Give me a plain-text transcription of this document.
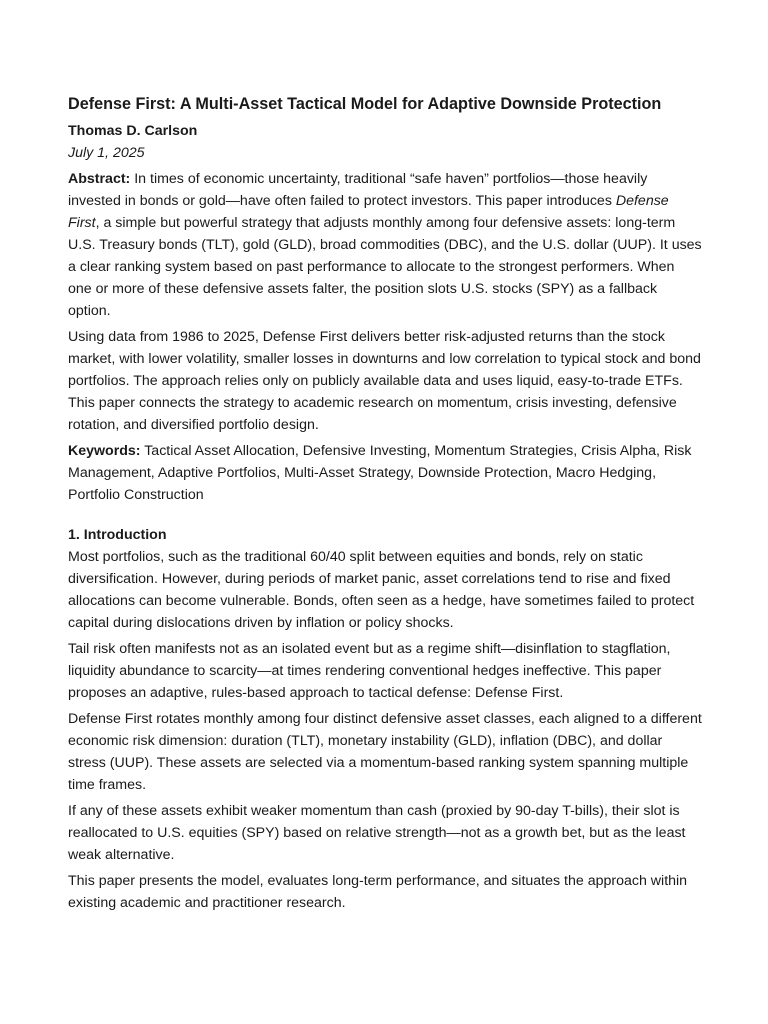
Defense First: A Multi-Asset Tactical Model for Adaptive Downside Protection
Thomas D. Carlson
July 1, 2025

Abstract: In times of economic uncertainty, traditional “safe haven” portfolios—those heavily invested in bonds or gold—have often failed to protect investors. This paper introduces Defense First, a simple but powerful strategy that adjusts monthly among four defensive assets: long-term U.S. Treasury bonds (TLT), gold (GLD), broad commodities (DBC), and the U.S. dollar (UUP). It uses a clear ranking system based on past performance to allocate to the strongest performers. When one or more of these defensive assets falter, the position slots U.S. stocks (SPY) as a fallback option.

Using data from 1986 to 2025, Defense First delivers better risk-adjusted returns than the stock market, with lower volatility, smaller losses in downturns and low correlation to typical stock and bond portfolios. The approach relies only on publicly available data and uses liquid, easy-to-trade ETFs. This paper connects the strategy to academic research on momentum, crisis investing, defensive rotation, and diversified portfolio design.

Keywords: Tactical Asset Allocation, Defensive Investing, Momentum Strategies, Crisis Alpha, Risk Management, Adaptive Portfolios, Multi-Asset Strategy, Downside Protection, Macro Hedging, Portfolio Construction

1. Introduction

Most portfolios, such as the traditional 60/40 split between equities and bonds, rely on static diversification. However, during periods of market panic, asset correlations tend to rise and fixed allocations can become vulnerable. Bonds, often seen as a hedge, have sometimes failed to protect capital during dislocations driven by inflation or policy shocks.

Tail risk often manifests not as an isolated event but as a regime shift—disinflation to stagflation, liquidity abundance to scarcity—at times rendering conventional hedges ineffective. This paper proposes an adaptive, rules-based approach to tactical defense: Defense First.

Defense First rotates monthly among four distinct defensive asset classes, each aligned to a different economic risk dimension: duration (TLT), monetary instability (GLD), inflation (DBC), and dollar stress (UUP). These assets are selected via a momentum-based ranking system spanning multiple time frames.

If any of these assets exhibit weaker momentum than cash (proxied by 90-day T-bills), their slot is reallocated to U.S. equities (SPY) based on relative strength—not as a growth bet, but as the least weak alternative.

This paper presents the model, evaluates long-term performance, and situates the approach within existing academic and practitioner research.
